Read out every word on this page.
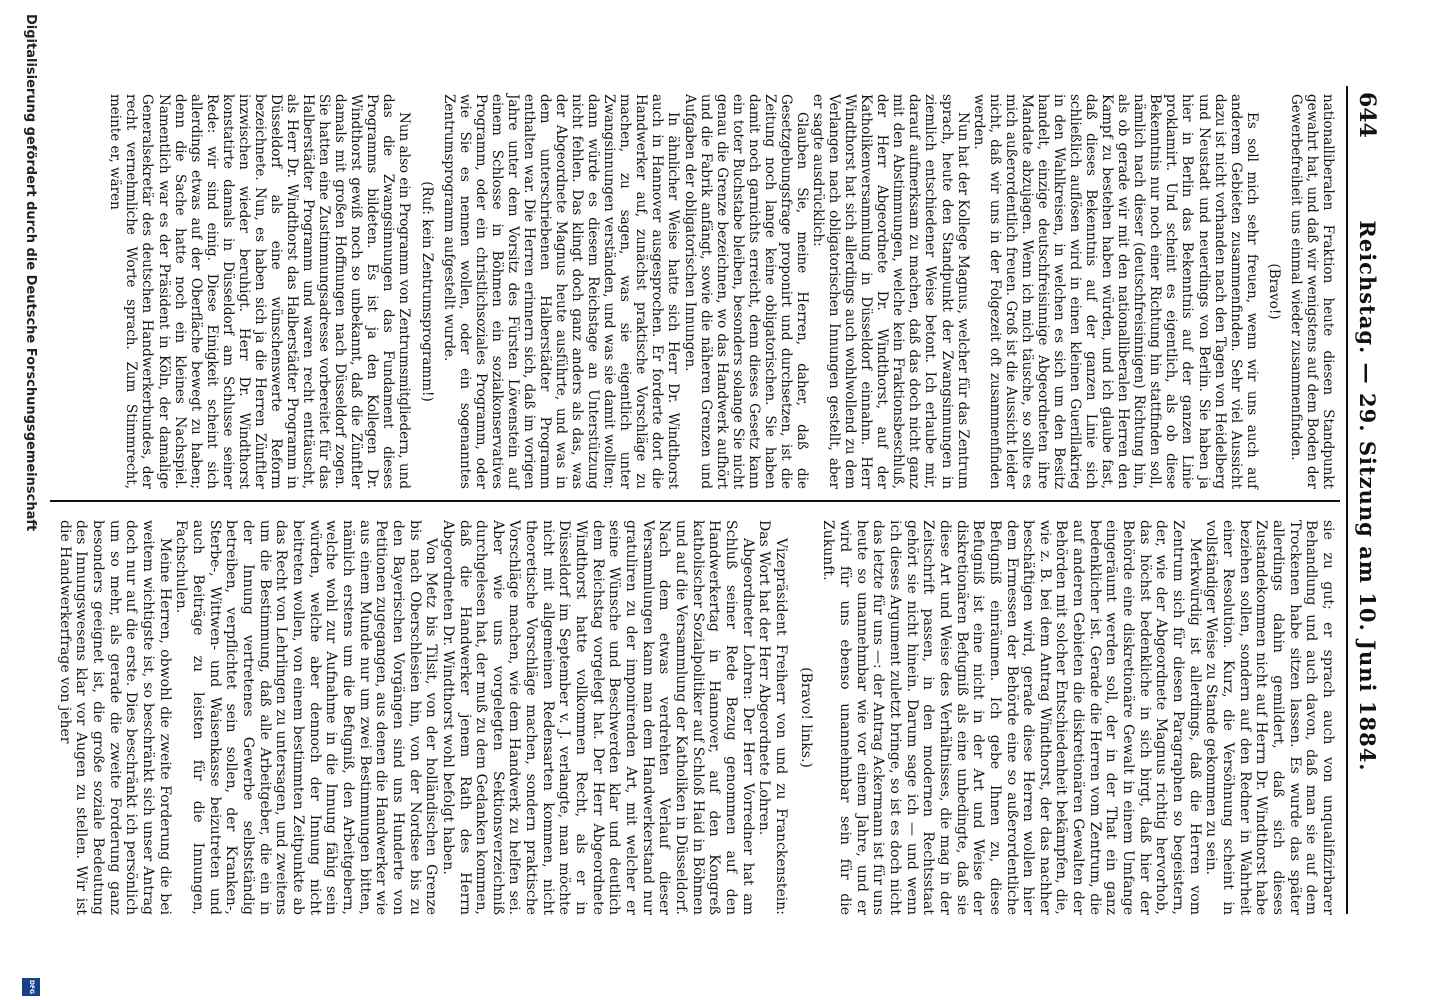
644
Reichstag. — 29. Sitzung am 10. Juni 1884.

nationalliberalen Fraktion heute diesen Standpunkt gewahrt hat, und daß wir wenigstens auf dem Boden der Gewerbefreiheit uns einmal wieder zusammenfinden.

(Bravo!)

Es soll mich sehr freuen, wenn wir uns auch auf anderem Gebieten zusammenfinden. Sehr viel Aussicht dazu ist nicht vorhanden nach den Tagen von Heidelberg und Neustadt und neuerdings von Berlin. Sie haben ja hier in Berlin das Bekenntnis auf der ganzen Linie proklamirt. Und scheint es eigentlich, als ob diese Bekenntnis nur noch einer Richtung hin stattfinden soll, nämlich nach dieser (deutschfreisinnigen) Richtung hin, als ob gerade wir mit den nationalliberalen Herren den Kampf zu bestehen haben würden, und ich glaube fast, daß dieses Bekenntnis auf der ganzen Linie sich schließlich auflösen wird in einen kleinen Guerillakrieg in den Wahlkreisen, in welchen es sich um den Besitz handelt, einzige deutschfreisinnige Abgeordneten ihre Mandate abzujagen. Wenn ich mich täusche, so sollte es mich außerordentlich freuen. Groß ist die Aussicht leider nicht, daß wir uns in der Folgezeit oft zusammenfinden werden.

Nun hat der Kollege Magnus, welcher für das Zentrum sprach, heute den Standpunkt der Zwangsinnungen in ziemlich entschiedener Weise betont. Ich erlaube mir, darauf aufmerksam zu machen, daß das doch nicht ganz mit den Abstimmungen, welche kein Fraktionsbeschluß, der Herr Abgeordnete Dr. Windthorst, auf der Katholikenversammlung in Düsseldorf einnahm. Herr Windthorst hat sich allerdings auch wohlwollend zu dem Verlangen nach obligatorischen Innungen gestellt, aber er sagte ausdrücklich:

Glauben Sie, meine Herren, daher, daß die Gesetzgebungsfrage proponirt und durchsetzen, ist die Zeitung noch lange keine obligatorischen. Sie haben damit noch garnichts erreicht, denn dieses Gesetz kann ein toter Buchstabe bleiben, besonders solange Sie nicht genau die Grenze bezeichnen, wo das Handwerk aufhört und die Fabrik anfängt, sowie die näheren Grenzen und Aufgaben der obligatorischen Innungen.

In ähnlicher Weise hatte sich Herr Dr. Windthorst auch in Hannover ausgesprochen. Er forderte dort die Handwerker auf, zunächst praktische Vorschläge zu machen, zu sagen, was sie eigentlich unter Zwangsinnungen verständen, und was sie damit wollten; dann würde es diesem Reichstage an Unterstützung nicht fehlen. Das klingt doch ganz anders als das, was der Abgeordnete Magnus heute ausführte, und was in dem unterschriebenen Halberstädter Programm enthalten war. Die Herren erinnern sich, daß im vorigen Jahre unter dem Vorsitz des Fürsten Löwenstein auf einem Schlosse in Böhmen ein sozialkonservatives Programm, oder ein christlichsoziales Programm, oder wie Sie es nennen wollen, oder ein sogenanntes Zentrumsprogramm aufgestellt wurde.

(Ruf: kein Zentrumsprogramm!)

Nun also ein Programm von Zentrumsmitgliedern, und das die Zwangsinnungen das Fundament dieses Programms bildeten. Es ist ja den Kollegen Dr. Windthorst gewiß noch so unbekannt, daß die Zünftler damals mit großen Hoffnungen nach Düsseldorf zogen. Sie hatten eine Zustimmungsadresse vorbereitet für das Halberstädter Programm und waren recht enttäuscht, als Herr Dr. Windthorst das Halberstädter Programm in Düsseldorf als eine wünschenswerte Reform bezeichnete. Nun, es haben sich ja die Herren Zünftler inzwischen wieder beruhigt. Herr Dr. Windthorst konstatirte damals in Düsseldorf am Schlusse seiner Rede: wir sind einig. Diese Einigkeit scheint sich allerdings etwas auf der Oberfläche bewegt zu haben; denn die Sache hatte noch ein kleines Nachspiel. Namentlich war es der Präsident in Köln, der damalige Generalsekretär des deutschen Handwerkerbundes, der recht vernehmliche Worte sprach. Zum Stimmrecht, meinte er, wären

sie zu gut; er sprach auch von unqualifizirbarer Behandlung und auch davon, daß man sie auf dem Trockenen habe sitzen lassen. Es wurde das später allerdings dahin gemildert, daß sich dieses Zustandekommen nicht auf Herrn Dr. Windthorst habe beziehen sollen, sondern auf den Redner in Wahrheit einer Resolution. Kurz, die Versöhnung scheint in vollständiger Weise zu Stande gekommen zu sein.

Merkwürdig ist allerdings, daß die Herren vom Zentrum sich für diesen Paragraphen so begeistern, der, wie der Abgeordnete Magnus richtig hervorhob, das höchst bedenkliche in sich birgt, daß hier der Behörde eine diskretionäre Gewalt in einem Umfange eingeräumt werden soll, der in der That ein ganz bedenklicher ist. Gerade die Herren vom Zentrum, die auf anderen Gebieten die diskretionären Gewalten der Behörden mit solcher Entschiedenheit bekämpfen, die, wie z. B. bei dem Antrag Windthorst, der das nachher beschäftigen wird, gerade diese Herren wollen hier dem Ermessen der Behörde eine so außerordentliche Befugniß einräumen. Ich gebe Ihnen zu, diese Befugniß ist eine nicht in der Art und Weise der diskretionären Befugniß als eine unbedingte, daß sie diese Art und Weise des Verhältnisses, die mag in der Zeitschrift passen, in den modernen Rechtsstaat gehört sie nicht hinein. Darum sage ich — und wenn ich dieses Argument zuletzt bringe, so ist es doch nicht das letzte für uns —: der Antrag Ackermann ist für uns heute so unannehmbar wie vor einem Jahre, und er wird für uns ebenso unannehmbar sein für die Zukunft.

(Bravo! links.)

Vizepräsident Freiherr von und zu Franckenstein: Das Wort hat der Herr Abgeordnete Lohren.

Abgeordneter Lohren: Der Herr Vorredner hat am Schluß seiner Rede Bezug genommen auf den Handwerkertag in Hannover, auf den Kongreß katholischer Sozialpolitiker auf Schloß Haid in Böhmen und auf die Versammlung der Katholiken in Düsseldorf. Nach dem etwas verdrehten Verlauf dieser Versammlungen kann man dem Handwerkerstand nur gratuliren zu der imponirenden Art, mit welcher er seine Wünsche und Beschwerden klar und deutlich dem Reichstag vorgelegt hat. Der Herr Abgeordnete Windthorst hatte vollkommen Recht, als er in Düsseldorf im September v. J. verlangte, man möchte nicht mit allgemeinen Redensarten kommen, nicht theoretische Vorschläge machen, sondern praktische Vorschläge machen, wie dem Handwerk zu helfen sei. Aber wie uns vorgelegten Sektionsverzeichniß durchgelesen hat, der muß zu dem Gedanken kommen, daß die Handwerker jenem Rath des Herrn Abgeordneten Dr. Windthorst wohl befolgt haben.

Von Metz bis Tilsit, von der holländischen Grenze bis nach Oberschlesien hin, von der Nordsee bis zu den Bayerischen Vorgängen sind uns Hunderte von Petitionen zugegangen, aus denen die Handwerker wie aus einem Munde nur um zwei Bestimmungen bitten, nämlich erstens um die Befugniß, den Arbeitgebern, welche wohl zur Aufnahme in die Innung fähig sein würden, welche aber dennoch der Innung nicht beitreten wollen, von einem bestimmten Zeitpunkte ab das Recht von Lehrlingen zu untersagen, und zweitens um die Bestimmung, daß alle Arbeitgeber, die ein in der Innung vertretenes Gewerbe selbstständig betreiben, verpflichtet sein sollen, der Kranken-, Sterbe-, Wittwen- und Waisenkasse beizutreten und auch Beiträge zu leisten für die Innungen, Fachschulen.

Meine Herren, obwohl die zweite Forderung die bei weitem wichtigste ist, so beschränkt sich unser Antrag doch nur auf die erste. Dies beschränkt ich persönlich um so mehr, als gerade die zweite Forderung ganz besonders geeignet ist, die große soziale Bedeutung des Innungswesens klar vor Augen zu stellen. Wir ist die Handwerkerfrage von jeher

Digitalisierung gefördert durch die Deutsche Forschungsgemeinschaft
DFG
